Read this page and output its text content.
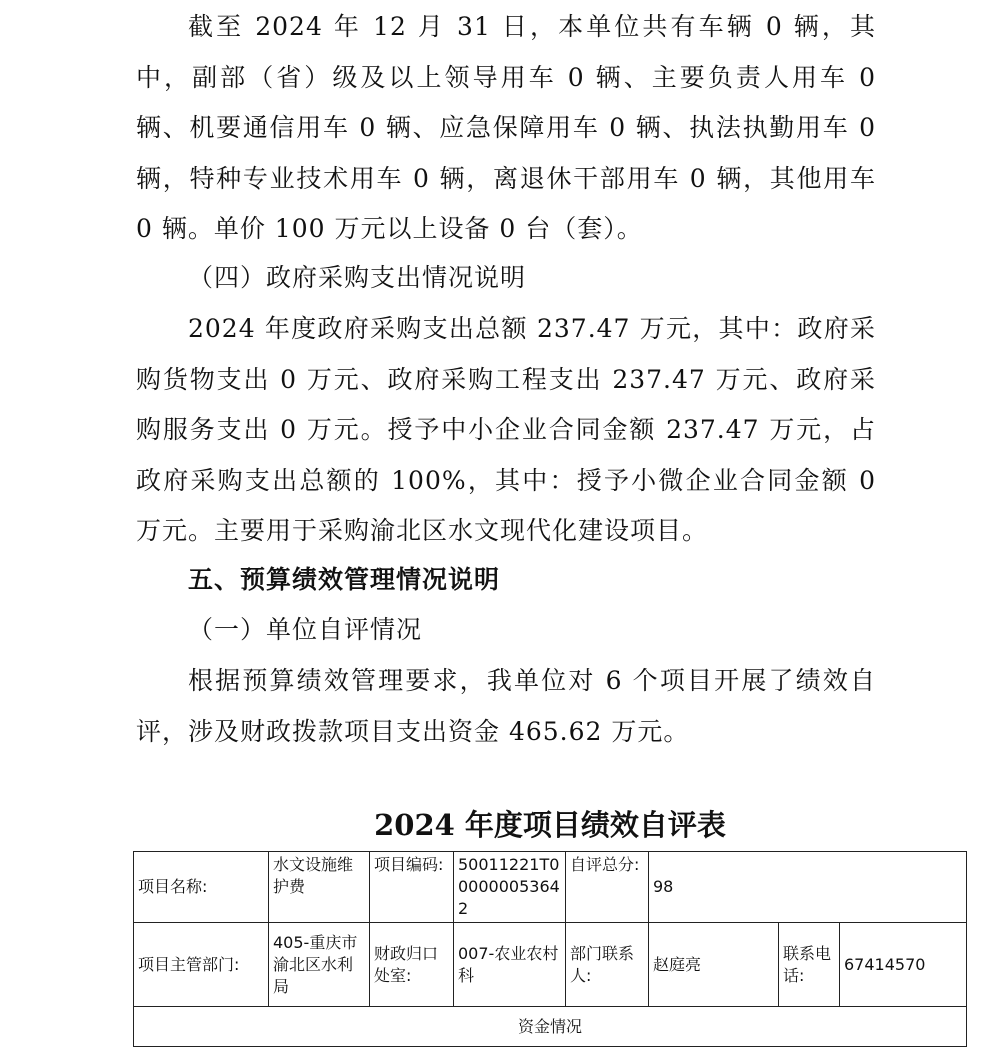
截至 2024 年 12 月 31 日，本单位共有车辆 0 辆，其中，副部（省）级及以上领导用车 0 辆、主要负责人用车 0 辆、机要通信用车 0 辆、应急保障用车 0 辆、执法执勤用车 0 辆，特种专业技术用车 0 辆，离退休干部用车 0 辆，其他用车 0 辆。单价 100 万元以上设备 0 台（套）。
（四）政府采购支出情况说明
2024 年度政府采购支出总额 237.47 万元，其中：政府采购货物支出 0 万元、政府采购工程支出 237.47 万元、政府采购服务支出 0 万元。授予中小企业合同金额 237.47 万元，占政府采购支出总额的 100%，其中：授予小微企业合同金额 0 万元。主要用于采购渝北区水文现代化建设项目。
五、预算绩效管理情况说明
（一）单位自评情况
根据预算绩效管理要求，我单位对 6 个项目开展了绩效自评，涉及财政拨款项目支出资金 465.62 万元。
2024 年度项目绩效自评表
项目名称:	水文设施维护费	项目编码:	50011221T000000053642	自评总分:	98		
项目主管部门:	405-重庆市渝北区水利局	财政归口处室:	007-农业农村科	部门联系人:	赵庭亮	联系电话:	67414570
资金情况							
